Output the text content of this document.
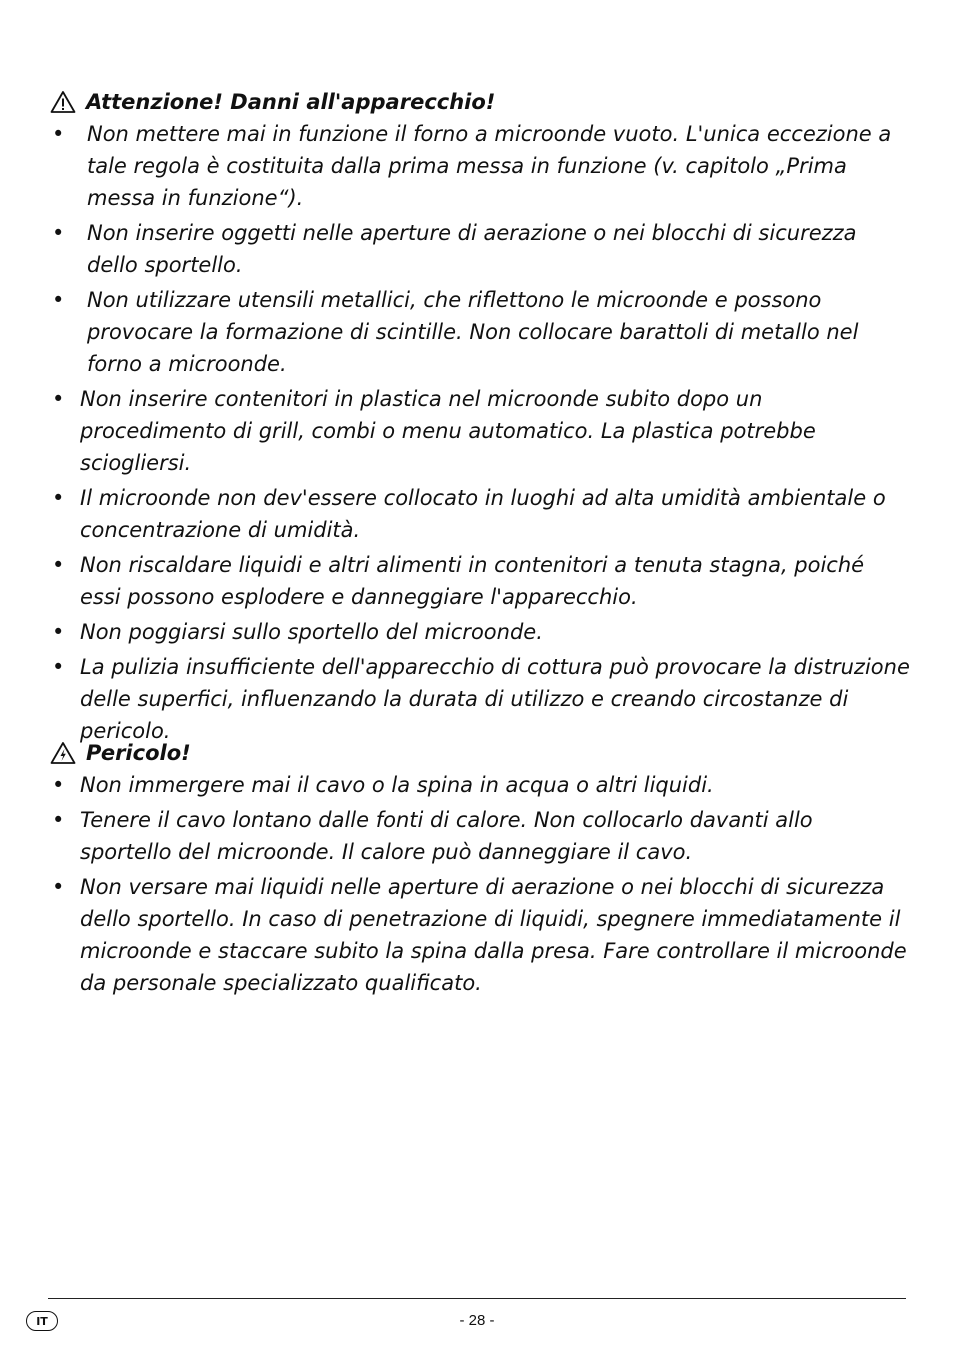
Attenzione! Danni all'apparecchio!
• Non mettere mai in funzione il forno a microonde vuoto. L'unica eccezione a tale regola è costituita dalla prima messa in funzione (v. capitolo „Prima messa in funzione“).
• Non inserire oggetti nelle aperture di aerazione o nei blocchi di sicurezza dello sportello.
• Non utilizzare utensili metallici, che riflettono le microonde e possono provocare la formazione di scintille. Non collocare barattoli di metallo nel forno a microonde.
• Non inserire contenitori in plastica nel microonde subito dopo un procedimento di grill, combi o menu automatico. La plastica potrebbe sciogliersi.
• Il microonde non dev'essere collocato in luoghi ad alta umidità ambientale o concentrazione di umidità.
• Non riscaldare liquidi e altri alimenti in contenitori a tenuta stagna, poiché essi possono esplodere e danneggiare l'apparecchio.
• Non poggiarsi sullo sportello del microonde.
• La pulizia insufficiente dell'apparecchio di cottura può provocare la distruzione delle superfici, influenzando la durata di utilizzo e creando circostanze di pericolo.
Pericolo!
• Non immergere mai il cavo o la spina in acqua o altri liquidi.
• Tenere il cavo lontano dalle fonti di calore. Non collocarlo davanti allo sportello del microonde. Il calore può danneggiare il cavo.
• Non versare mai liquidi nelle aperture di aerazione o nei blocchi di sicurezza dello sportello. In caso di penetrazione di liquidi, spegnere immediatamente il microonde e staccare subito la spina dalla presa. Fare controllare il microonde da personale specializzato qualificato.
IT	- 28 -
